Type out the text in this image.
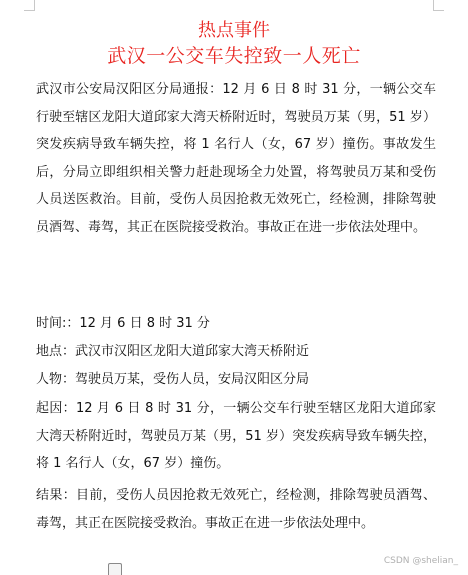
热点事件
武汉一公交车失控致一人死亡
武汉市公安局汉阳区分局通报：12 月 6 日 8 时 31 分，一辆公交车行驶至辖区龙阳大道邱家大湾天桥附近时，驾驶员万某（男，51 岁）突发疾病导致车辆失控，将 1 名行人（女，67 岁）撞伤。事故发生后，分局立即组织相关警力赶赴现场全力处置，将驾驶员万某和受伤人员送医救治。目前，受伤人员因抢救无效死亡，经检测，排除驾驶员酒驾、毒驾，其正在医院接受救治。事故正在进一步依法处理中。
时间:：12 月 6 日 8 时 31 分
地点：武汉市汉阳区龙阳大道邱家大湾天桥附近
人物：驾驶员万某，受伤人员，安局汉阳区分局
起因：12 月 6 日 8 时 31 分，一辆公交车行驶至辖区龙阳大道邱家大湾天桥附近时，驾驶员万某（男，51 岁）突发疾病导致车辆失控，将 1 名行人（女，67 岁）撞伤。
结果：目前，受伤人员因抢救无效死亡，经检测，排除驾驶员酒驾、毒驾，其正在医院接受救治。事故正在进一步依法处理中。
CSDN @shelian_
